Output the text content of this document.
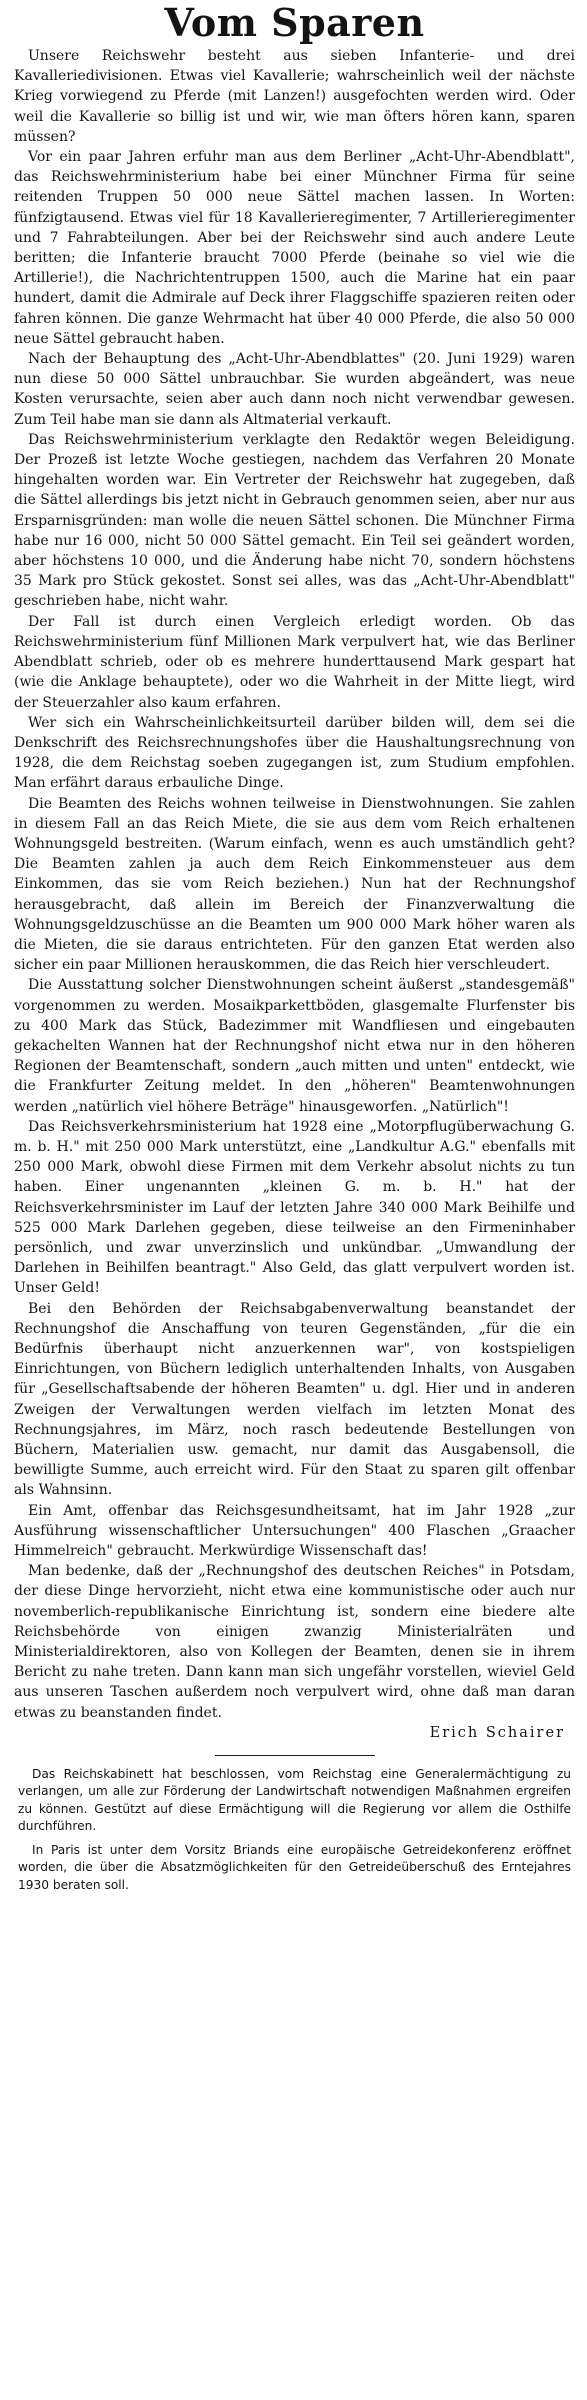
Vom Sparen

Unsere Reichswehr besteht aus sieben Infanterie- und drei Kavalleriedivisionen. Etwas viel Kavallerie; wahrscheinlich weil der nächste Krieg vorwiegend zu Pferde (mit Lanzen!) ausgefochten werden wird. Oder weil die Kavallerie so billig ist und wir, wie man öfters hören kann, sparen müssen?

Vor ein paar Jahren erfuhr man aus dem Berliner „Acht-Uhr-Abendblatt", das Reichswehrministerium habe bei einer Münchner Firma für seine reitenden Truppen 50 000 neue Sättel machen lassen. In Worten: fünfzigtausend. Etwas viel für 18 Kavallerieregimenter, 7 Artillerieregimenter und 7 Fahrabteilungen. Aber bei der Reichswehr sind auch andere Leute beritten; die Infanterie braucht 7000 Pferde (beinahe so viel wie die Artillerie!), die Nachrichtentruppen 1500, auch die Marine hat ein paar hundert, damit die Admirale auf Deck ihrer Flaggschiffe spazieren reiten oder fahren können. Die ganze Wehrmacht hat über 40 000 Pferde, die also 50 000 neue Sättel gebraucht haben.

Nach der Behauptung des „Acht-Uhr-Abendblattes" (20. Juni 1929) waren nun diese 50 000 Sättel unbrauchbar. Sie wurden abgeändert, was neue Kosten verursachte, seien aber auch dann noch nicht verwendbar gewesen. Zum Teil habe man sie dann als Altmaterial verkauft.

Das Reichswehrministerium verklagte den Redaktör wegen Beleidigung. Der Prozeß ist letzte Woche gestiegen, nachdem das Verfahren 20 Monate hingehalten worden war. Ein Vertreter der Reichswehr hat zugegeben, daß die Sättel allerdings bis jetzt nicht in Gebrauch genommen seien, aber nur aus Ersparnisgründen: man wolle die neuen Sättel schonen. Die Münchner Firma habe nur 16 000, nicht 50 000 Sättel gemacht. Ein Teil sei geändert worden, aber höchstens 10 000, und die Änderung habe nicht 70, sondern höchstens 35 Mark pro Stück gekostet. Sonst sei alles, was das „Acht-Uhr-Abendblatt" geschrieben habe, nicht wahr.

Der Fall ist durch einen Vergleich erledigt worden. Ob das Reichswehrministerium fünf Millionen Mark verpulvert hat, wie das Berliner Abendblatt schrieb, oder ob es mehrere hunderttausend Mark gespart hat (wie die Anklage behauptete), oder wo die Wahrheit in der Mitte liegt, wird der Steuerzahler also kaum erfahren.

Wer sich ein Wahrscheinlichkeitsurteil darüber bilden will, dem sei die Denkschrift des Reichsrechnungshofes über die Haushaltungsrechnung von 1928, die dem Reichstag soeben zugegangen ist, zum Studium empfohlen. Man erfährt daraus erbauliche Dinge.

Die Beamten des Reichs wohnen teilweise in Dienstwohnungen. Sie zahlen in diesem Fall an das Reich Miete, die sie aus dem vom Reich erhaltenen Wohnungsgeld bestreiten. (Warum einfach, wenn es auch umständlich geht? Die Beamten zahlen ja auch dem Reich Einkommensteuer aus dem Einkommen, das sie vom Reich beziehen.) Nun hat der Rechnungshof herausgebracht, daß allein im Bereich der Finanzverwaltung die Wohnungsgeldzuschüsse an die Beamten um 900 000 Mark höher waren als die Mieten, die sie daraus entrichteten. Für den ganzen Etat werden also sicher ein paar Millionen herauskommen, die das Reich hier verschleudert.

Die Ausstattung solcher Dienstwohnungen scheint äußerst „standesgemäß" vorgenommen zu werden. Mosaikparkettböden, glasgemalte Flurfenster bis zu 400 Mark das Stück, Badezimmer mit Wandfliesen und eingebauten gekachelten Wannen hat der Rechnungshof nicht etwa nur in den höheren Regionen der Beamtenschaft, sondern „auch mitten und unten" entdeckt, wie die Frankfurter Zeitung meldet. In den „höheren" Beamtenwohnungen werden „natürlich viel höhere Beträge" hinausgeworfen. „Natürlich"!

Das Reichsverkehrsministerium hat 1928 eine „Motorpflugüberwachung G. m. b. H." mit 250 000 Mark unterstützt, eine „Landkultur A.G." ebenfalls mit 250 000 Mark, obwohl diese Firmen mit dem Verkehr absolut nichts zu tun haben. Einer ungenannten „kleinen G. m. b. H." hat der Reichsverkehrsminister im Lauf der letzten Jahre 340 000 Mark Beihilfe und 525 000 Mark Darlehen gegeben, diese teilweise an den Firmeninhaber persönlich, und zwar unverzinslich und unkündbar. „Umwandlung der Darlehen in Beihilfen beantragt." Also Geld, das glatt verpulvert worden ist. Unser Geld!

Bei den Behörden der Reichsabgabenverwaltung beanstandet der Rechnungshof die Anschaffung von teuren Gegenständen, „für die ein Bedürfnis überhaupt nicht anzuerkennen war", von kostspieligen Einrichtungen, von Büchern lediglich unterhaltenden Inhalts, von Ausgaben für „Gesellschaftsabende der höheren Beamten" u. dgl. Hier und in anderen Zweigen der Verwaltungen werden vielfach im letzten Monat des Rechnungsjahres, im März, noch rasch bedeutende Bestellungen von Büchern, Materialien usw. gemacht, nur damit das Ausgabensoll, die bewilligte Summe, auch erreicht wird. Für den Staat zu sparen gilt offenbar als Wahnsinn.

Ein Amt, offenbar das Reichsgesundheitsamt, hat im Jahr 1928 „zur Ausführung wissenschaftlicher Untersuchungen" 400 Flaschen „Graacher Himmelreich" gebraucht. Merkwürdige Wissenschaft das!

Man bedenke, daß der „Rechnungshof des deutschen Reiches" in Potsdam, der diese Dinge hervorzieht, nicht etwa eine kommunistische oder auch nur novemberlich-republikanische Einrichtung ist, sondern eine biedere alte Reichsbehörde von einigen zwanzig Ministerialräten und Ministerialdirektoren, also von Kollegen der Beamten, denen sie in ihrem Bericht zu nahe treten. Dann kann man sich ungefähr vorstellen, wieviel Geld aus unseren Taschen außerdem noch verpulvert wird, ohne daß man daran etwas zu beanstanden findet.

Erich Schairer

Das Reichskabinett hat beschlossen, vom Reichstag eine Generalermächtigung zu verlangen, um alle zur Förderung der Landwirtschaft notwendigen Maßnahmen ergreifen zu können. Gestützt auf diese Ermächtigung will die Regierung vor allem die Osthilfe durchführen.

In Paris ist unter dem Vorsitz Briands eine europäische Getreidekonferenz eröffnet worden, die über die Absatzmöglichkeiten für den Getreideüberschuß des Erntejahres 1930 beraten soll.
